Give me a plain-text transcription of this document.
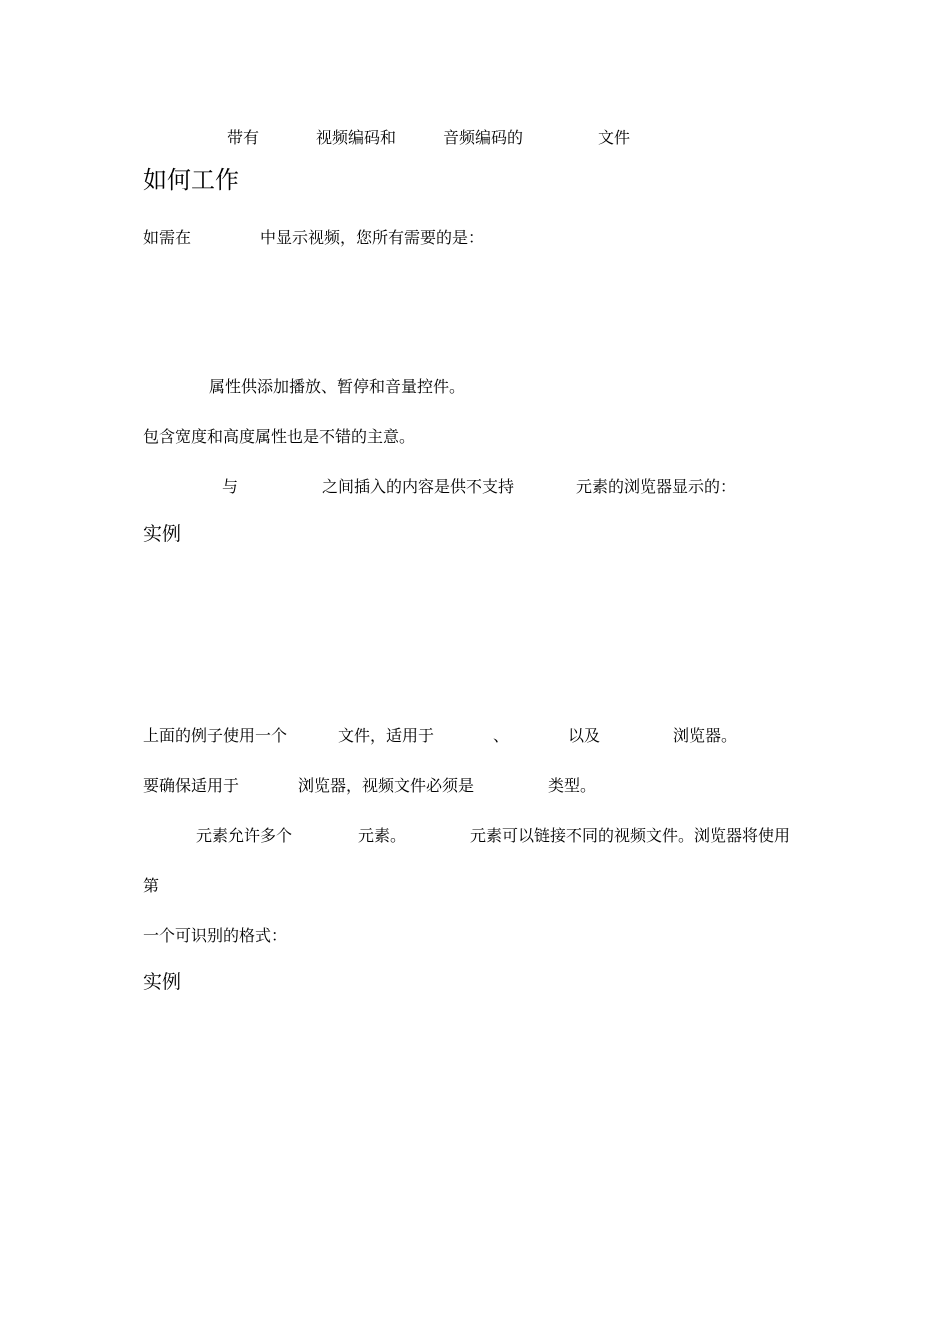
带有	视频编码和	音频编码的	文件
如何工作
如需在	中显示视频，您所有需要的是：
属性供添加播放、暂停和音量控件。
包含宽度和高度属性也是不错的主意。
与	之间插入的内容是供不支持	元素的浏览器显示的：
实例
上面的例子使用一个	文件，适用于	、	以及	浏览器。
要确保适用于	浏览器，视频文件必须是	类型。
元素允许多个	元素。	元素可以链接不同的视频文件。浏览器将使用
第
一个可识别的格式：
实例
